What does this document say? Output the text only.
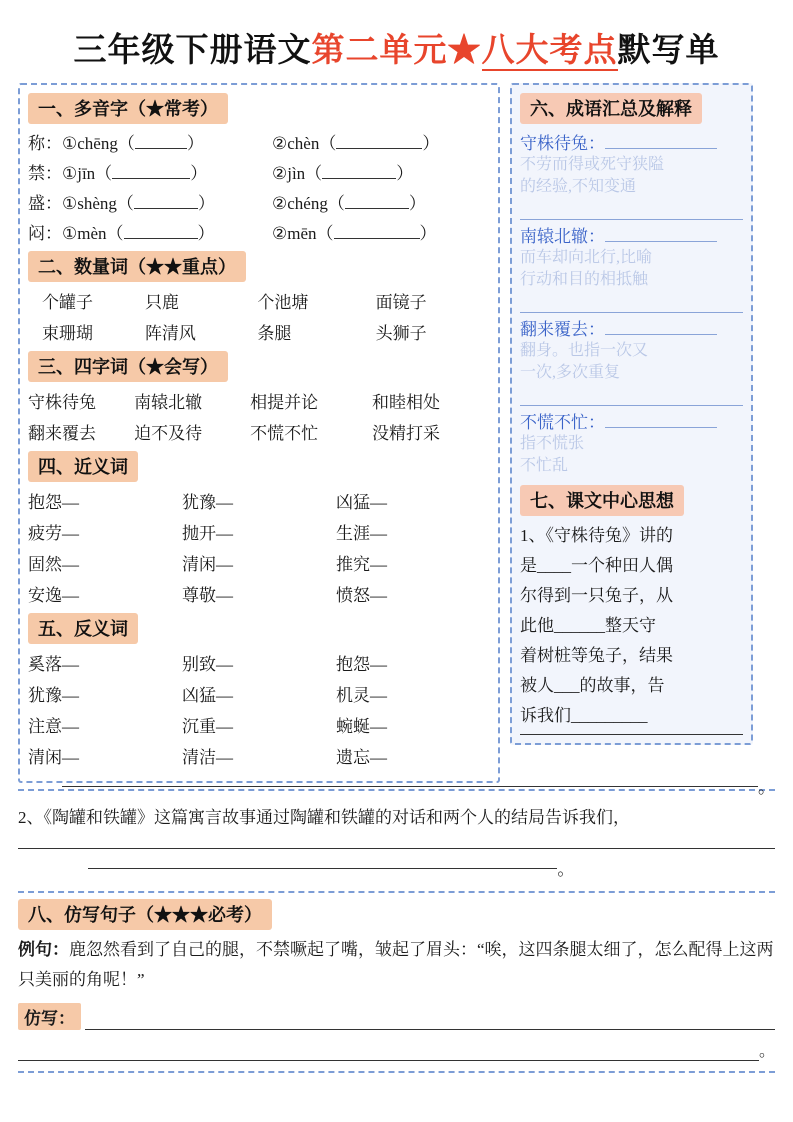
三年级下册语文第二单元★八大考点默写单
一、多音字（★常考）
称：①chēng（	）	②chèn（	）
禁：①jīn（	）	②jìn（	）
盛：①shèng（	）	②chéng（	）
闷：①mèn（	）	②mēn（	）
二、数量词（★★重点）
个罐子	只鹿	个池塘	面镜子
束珊瑚	阵清风	条腿	头狮子
三、四字词（★会写）
守株待兔	南辕北辙	相提并论	和睦相处
翻来覆去	迫不及待	不慌不忙	没精打采
四、近义词
抱怨—	犹豫—	凶猛—
疲劳—	抛开—	生涯—
固然—	清闲—	推究—
安逸—	尊敬—	愤怒—
五、反义词
奚落—	别致—	抱怨—
犹豫—	凶猛—	机灵—
注意—	沉重—	蜿蜒—
清闲—	清洁—	遗忘—
六、成语汇总及解释
守株待兔：
不劳而得或死守狭隘
的经验,不知变通
南辕北辙：
而车却向北行,比喻
行动和目的相抵触
翻来覆去：
翻身。也指一次又
一次,多次重复
不慌不忙：
指不慌张
不忙乱
七、课文中心思想
1、《守株待兔》讲的
是____一个种田人偶
尔得到一只兔子，从
此他______整天守
着树桩等兔子，结果
被人___的故事，告
诉我们_________
。
2、《陶罐和铁罐》这篇寓言故事通过陶罐和铁罐的对话和两个人的结局告诉我们，
。
八、仿写句子（★★★必考）
例句：鹿忽然看到了自己的腿，不禁噘起了嘴，皱起了眉头：“唉，这四条腿太细了，怎么配得上这两只美丽的角呢！”
仿写：
。
